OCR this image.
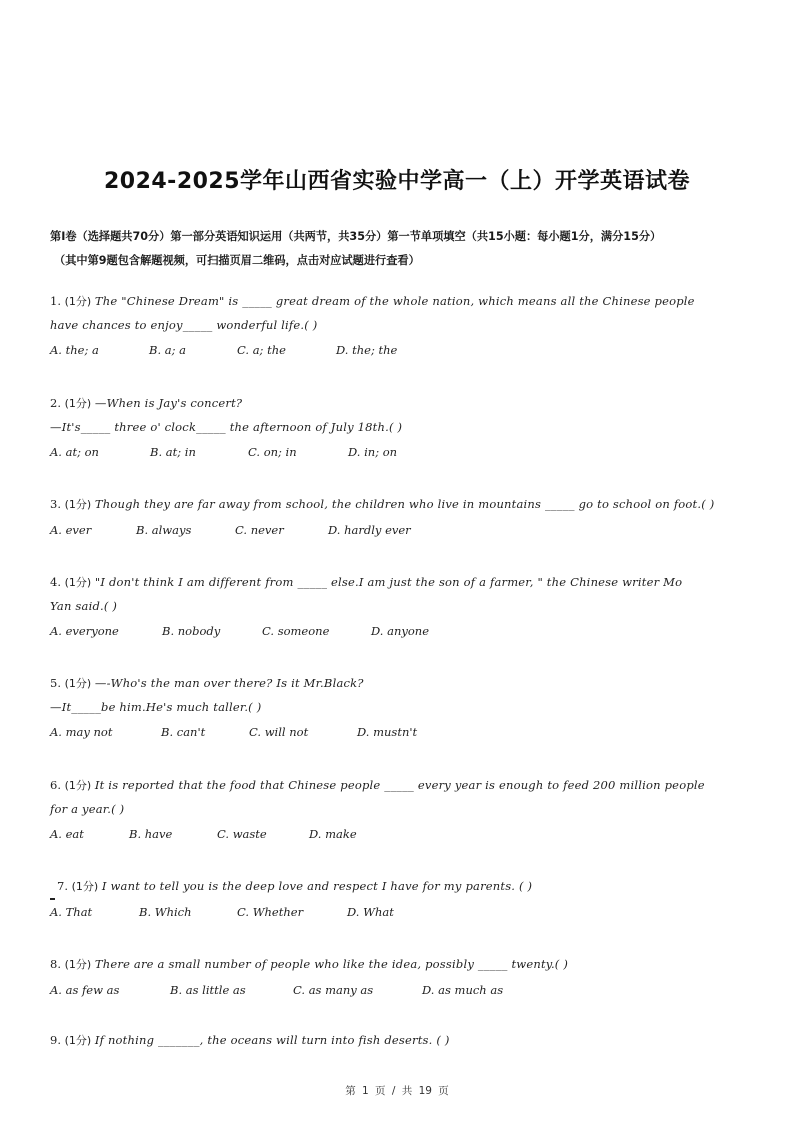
2024-2025学年山西省实验中学高一（上）开学英语试卷
第Ⅰ卷（选择题共70分）第一部分英语知识运用（共两节，共35分）第一节单项填空（共15小题：每小题1分，满分15分）
（其中第9题包含解题视频，可扫描页眉二维码，点击对应试题进行查看）
1. (1分) The "Chinese Dream" is _____ great dream of the whole nation, which means all the Chinese people
have chances to enjoy_____ wonderful life.( )
A. the; a	B. a; a	C. a; the	D. the; the
2. (1分) —When is Jay's concert?
—It's_____ three o' clock_____ the afternoon of July 18th.( )
A. at; on	B. at; in	C. on; in	D. in; on
3. (1分) Though they are far away from school, the children who live in mountains _____ go to school on foot.( )
A. ever	B. always	C. never	D. hardly ever
4. (1分) "I don't think I am different from _____ else.I am just the son of a farmer, " the Chinese writer Mo
Yan said.( )
A. everyone	B. nobody	C. someone	D. anyone
5. (1分) —-Who's the man over there? Is it Mr.Black?
—It_____be him.He's much taller.( )
A. may not	B. can't	C. will not	D. mustn't
6. (1分) It is reported that the food that Chinese people _____ every year is enough to feed 200 million people
for a year.( )
A. eat	B. have	C. waste	D. make
7. (1分) I want to tell you is the deep love and respect I have for my parents. ( )
A. That	B. Which	C. Whether	D. What
8. (1分) There are a small number of people who like the idea, possibly _____ twenty.( )
A. as few as	B. as little as	C. as many as	D. as much as
9. (1分) If nothing _______, the oceans will turn into fish deserts. ( )
第 1 页 / 共 19 页
